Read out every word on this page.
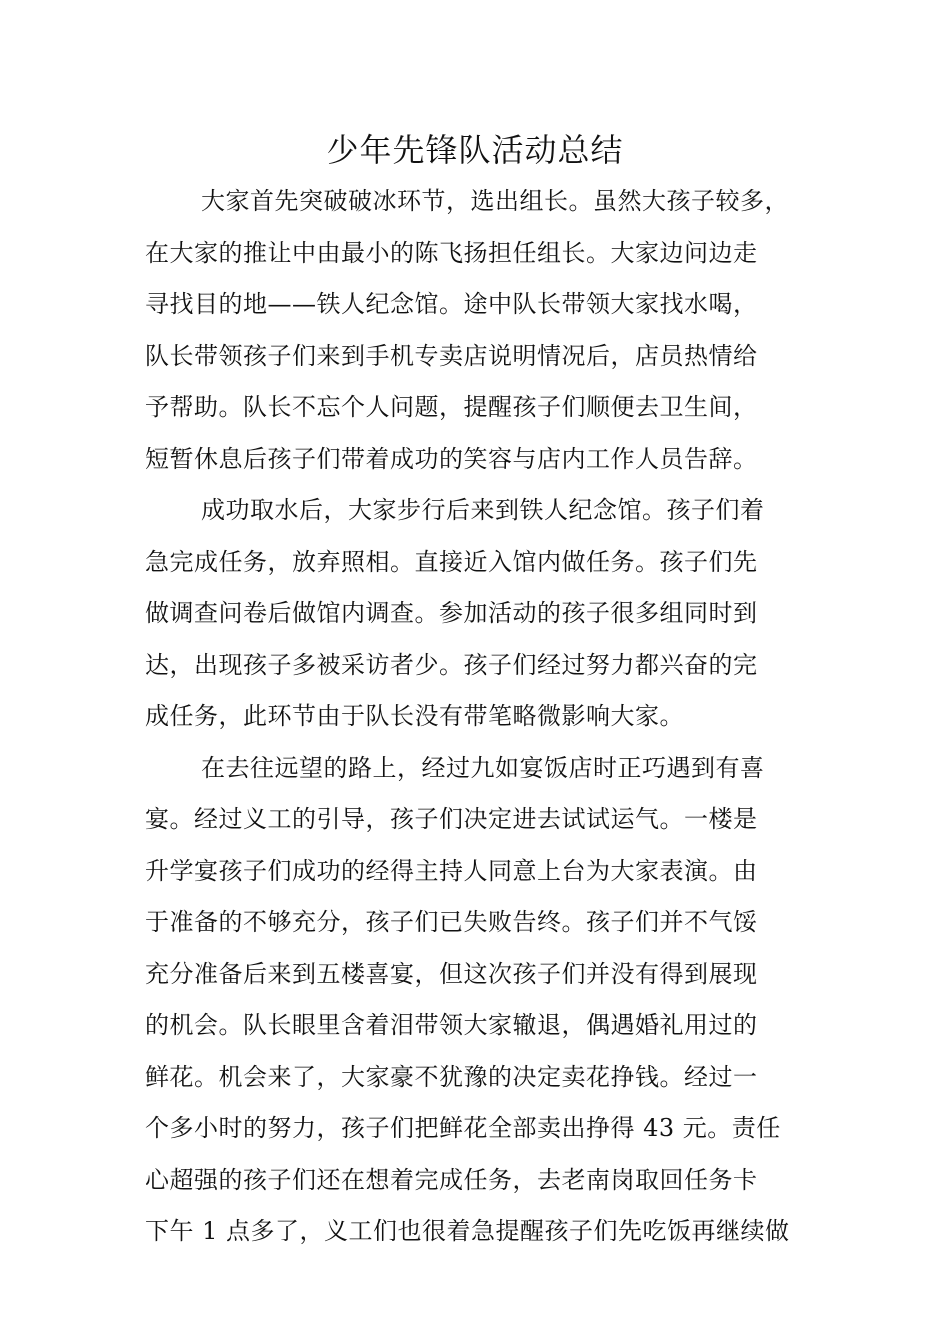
少年先锋队活动总结
大家首先突破破冰环节，选出组长。虽然大孩子较多，
在大家的推让中由最小的陈飞扬担任组长。大家边问边走
寻找目的地——铁人纪念馆。途中队长带领大家找水喝，
队长带领孩子们来到手机专卖店说明情况后，店员热情给
予帮助。队长不忘个人问题，提醒孩子们顺便去卫生间，
短暂休息后孩子们带着成功的笑容与店内工作人员告辞。
成功取水后，大家步行后来到铁人纪念馆。孩子们着
急完成任务，放弃照相。直接近入馆内做任务。孩子们先
做调查问卷后做馆内调查。参加活动的孩子很多组同时到
达，出现孩子多被采访者少。孩子们经过努力都兴奋的完
成任务，此环节由于队长没有带笔略微影响大家。
在去往远望的路上，经过九如宴饭店时正巧遇到有喜
宴。经过义工的引导，孩子们决定进去试试运气。一楼是
升学宴孩子们成功的经得主持人同意上台为大家表演。由
于准备的不够充分，孩子们已失败告终。孩子们并不气馁
充分准备后来到五楼喜宴，但这次孩子们并没有得到展现
的机会。队长眼里含着泪带领大家辙退，偶遇婚礼用过的
鲜花。机会来了，大家豪不犹豫的决定卖花挣钱。经过一
个多小时的努力，孩子们把鲜花全部卖出挣得 43 元。责任
心超强的孩子们还在想着完成任务，去老南岗取回任务卡
下午 1 点多了，义工们也很着急提醒孩子们先吃饭再继续做
